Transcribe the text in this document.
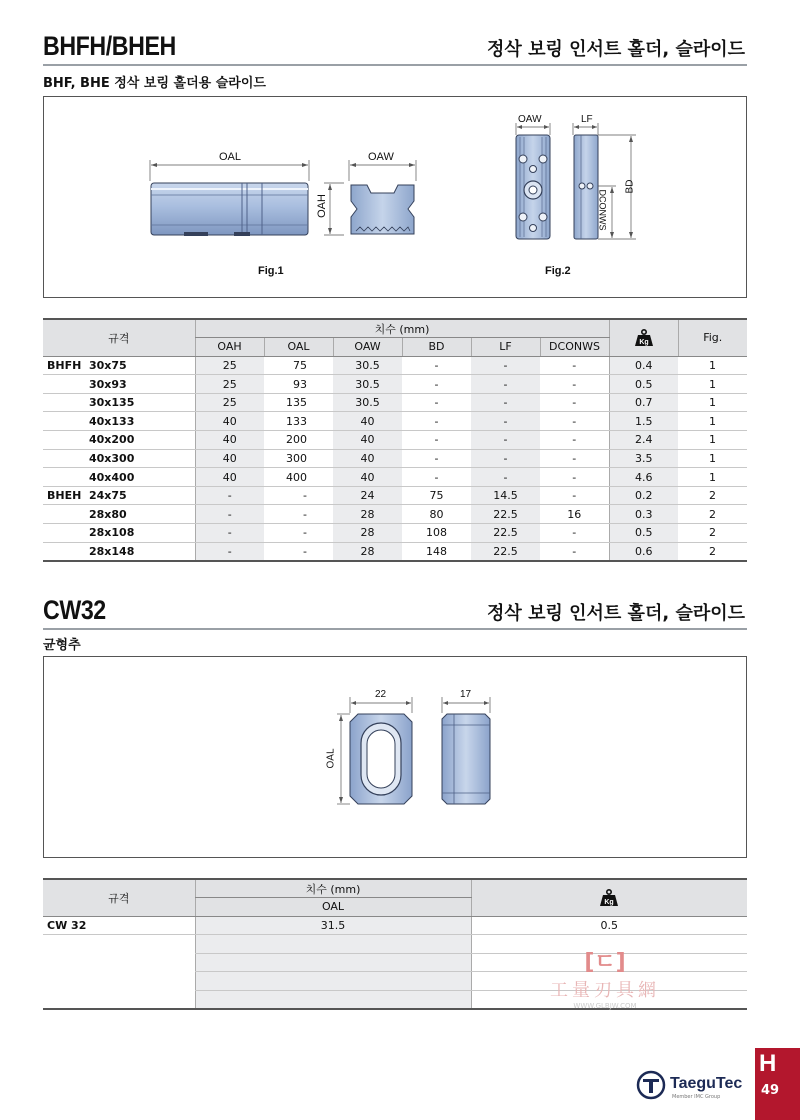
BHFH/BHEH	정삭 보링 인서트 홀더, 슬라이드
BHF, BHE 정삭 보링 홀더용 슬라이드
OAL	OAW
OAH
OAW	LF
BD
DCONWS
Fig.1	Fig.2
규격	치수 (mm)						Kg	Fig.
	OAH	OAL	OAW	BD	LF	DCONWS		
BHFH 30x75	25	75	30.5	-	-	-	0.4	1
30x93	25	93	30.5	-	-	-	0.5	1
30x135	25	135	30.5	-	-	-	0.7	1
40x133	40	133	40	-	-	-	1.5	1
40x200	40	200	40	-	-	-	2.4	1
40x300	40	300	40	-	-	-	3.5	1
40x400	40	400	40	-	-	-	4.6	1
BHEH 24x75	-	-	24	75	14.5	-	0.2	2
28x80	-	-	28	80	22.5	16	0.3	2
28x108	-	-	28	108	22.5	-	0.5	2
28x148	-	-	28	148	22.5	-	0.6	2
CW32	정삭 보링 인서트 홀더, 슬라이드
균형추
22	17
OAL
규격	치수 (mm)	Kg

	OAL	
CW 32	31.5	0.5

[ㄷ]
工量刃具網
WWW.GLBJW.COM
TaeguTec
Member IMC Group
H
49
